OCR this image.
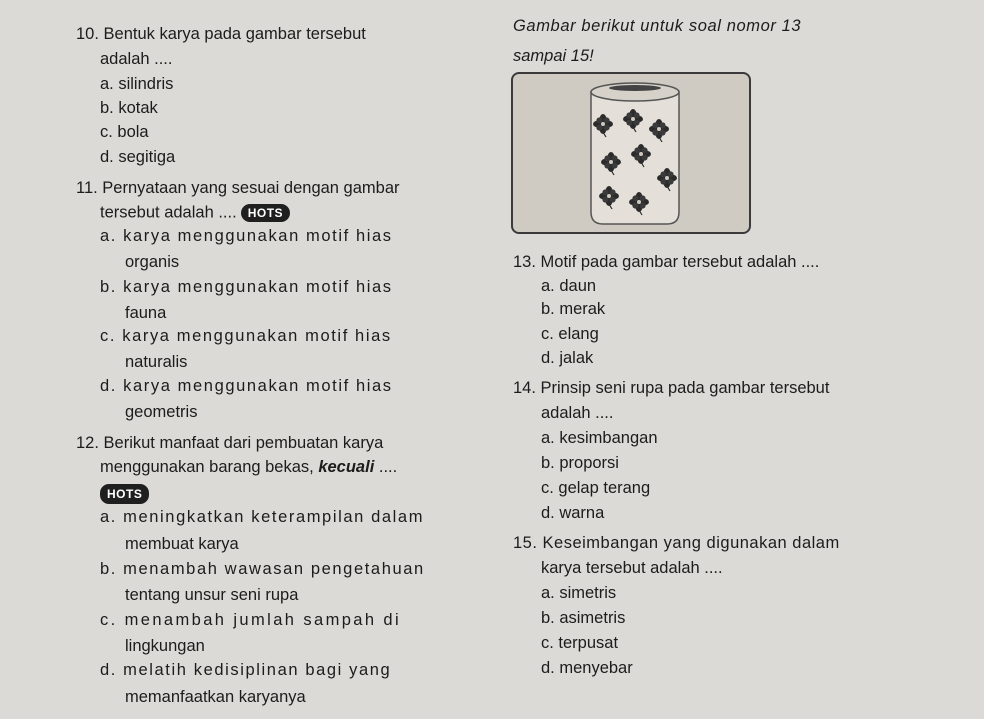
10. Bentuk karya pada gambar tersebut
adalah ....
a. silindris
b. kotak
c. bola
d. segitiga
11. Pernyataan yang sesuai dengan gambar
tersebut adalah .... HOTS
a. karya menggunakan motif hias
organis
b. karya menggunakan motif hias
fauna
c. karya menggunakan motif hias
naturalis
d. karya menggunakan motif hias
geometris
12. Berikut manfaat dari pembuatan karya
menggunakan barang bekas, kecuali ....
HOTS
a. meningkatkan keterampilan dalam
membuat karya
b. menambah wawasan pengetahuan
tentang unsur seni rupa
c. menambah jumlah sampah di
lingkungan
d. melatih kedisiplinan bagi yang
memanfaatkan karyanya
Gambar berikut untuk soal nomor 13
sampai 15!
13. Motif pada gambar tersebut adalah ....
a. daun
b. merak
c. elang
d. jalak
14. Prinsip seni rupa pada gambar tersebut
adalah ....
a. kesimbangan
b. proporsi
c. gelap terang
d. warna
15. Keseimbangan yang digunakan dalam
karya tersebut adalah ....
a. simetris
b. asimetris
c. terpusat
d. menyebar
